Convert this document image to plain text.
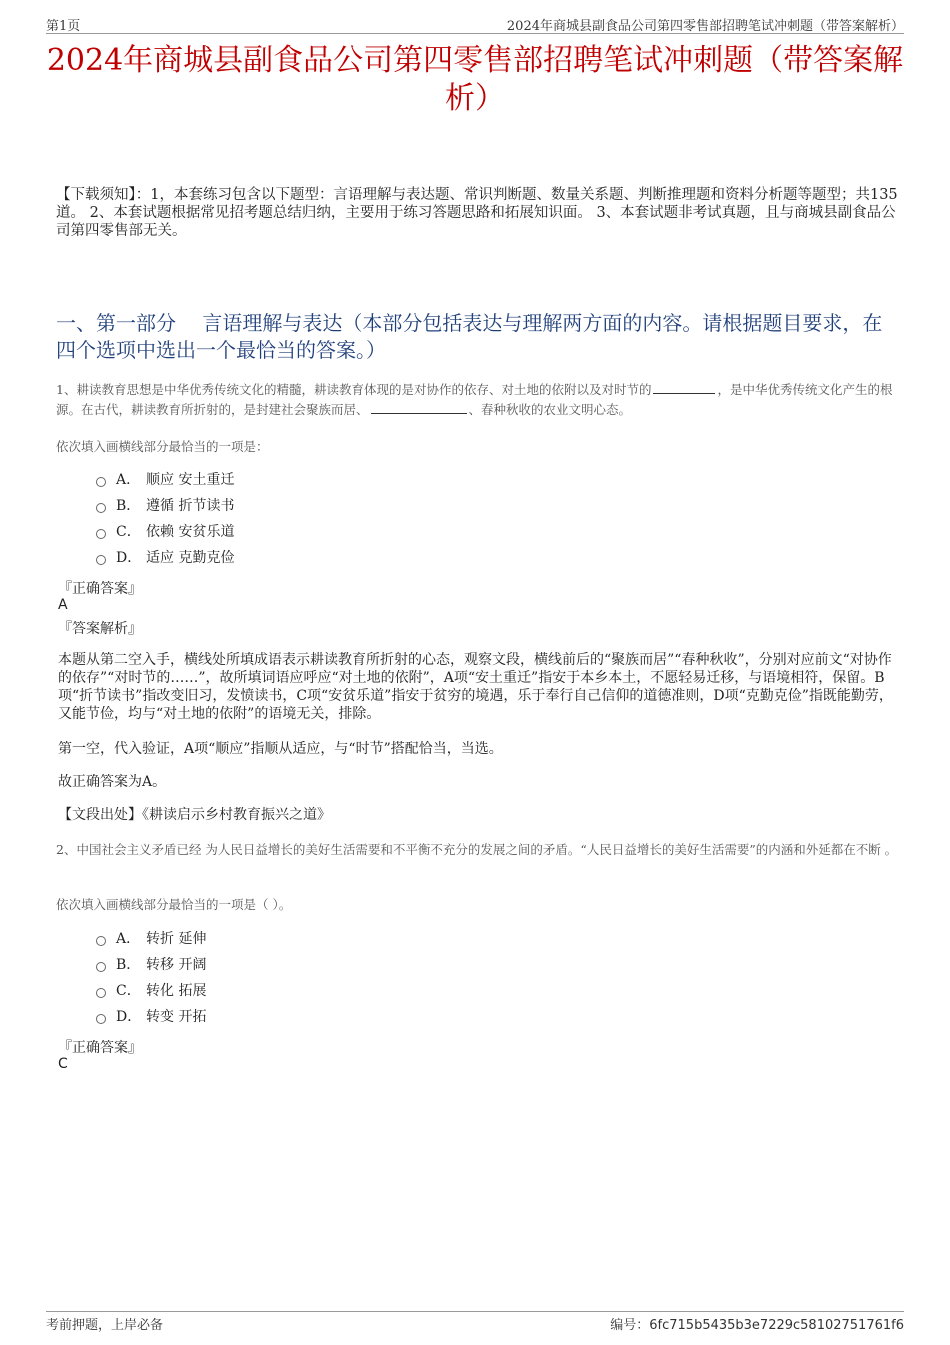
第1页	2024年商城县副食品公司第四零售部招聘笔试冲刺题（带答案解析）
2024年商城县副食品公司第四零售部招聘笔试冲刺题（带答案解析）
【下载须知】：1，本套练习包含以下题型：言语理解与表达题、常识判断题、数量关系题、判断推理题和资料分析题等题型；共135道。 2、本套试题根据常见招考题总结归纳，主要用于练习答题思路和拓展知识面。 3、本套试题非考试真题，且与商城县副食品公司第四零售部无关。
一、第一部分　 言语理解与表达（本部分包括表达与理解两方面的内容。请根据题目要求，在四个选项中选出一个最恰当的答案。）
1、耕读教育思想是中华优秀传统文化的精髓，耕读教育体现的是对协作的依存、对土地的依附以及对时节的	，是中华优秀传统文化产生的根源。在古代，耕读教育所折射的，是封建社会聚族而居、	、春种秋收的农业文明心态。
依次填入画横线部分最恰当的一项是：
A． 顺应 安土重迁
B． 遵循 折节读书
C． 依赖 安贫乐道
D． 适应 克勤克俭
『正确答案』
A
『答案解析』
本题从第二空入手，横线处所填成语表示耕读教育所折射的心态，观察文段，横线前后的“聚族而居”“春种秋收”，分别对应前文“对协作的依存”“对时节的……”，故所填词语应呼应“对土地的依附”，A项“安土重迁”指安于本乡本土，不愿轻易迁移，与语境相符，保留。B项“折节读书”指改变旧习，发愤读书，C项“安贫乐道”指安于贫穷的境遇，乐于奉行自己信仰的道德准则，D项“克勤克俭”指既能勤劳，又能节俭，均与“对土地的依附”的语境无关，排除。
第一空，代入验证，A项“顺应”指顺从适应，与“时节”搭配恰当，当选。
故正确答案为A。
【文段出处】《耕读启示乡村教育振兴之道》
2、中国社会主义矛盾已经 为人民日益增长的美好生活需要和不平衡不充分的发展之间的矛盾。“人民日益增长的美好生活需要”的内涵和外延都在不断 。
依次填入画横线部分最恰当的一项是（ ）。
A． 转折 延伸
B． 转移 开阔
C． 转化 拓展
D． 转变 开拓
『正确答案』
C
考前押题，上岸必备	编号：6fc715b5435b3e7229c58102751761f6
